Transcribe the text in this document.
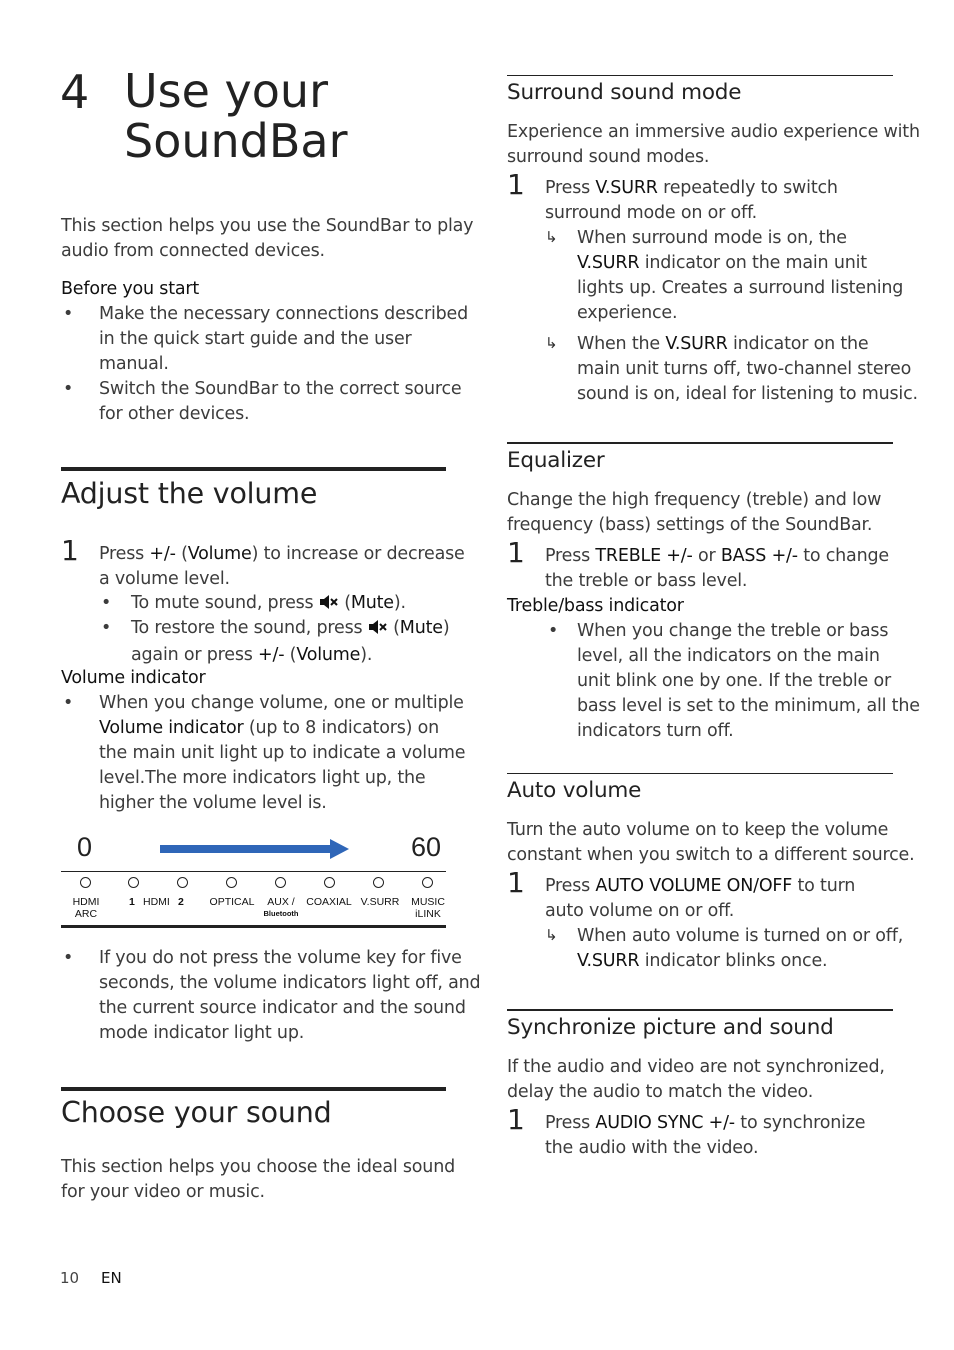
4 Use your
SoundBar
This section helps you use the SoundBar to play
audio from connected devices.
Before you start
• Make the necessary connections described
in the quick start guide and the user
manual.
• Switch the SoundBar to the correct source
for other devices.
Adjust the volume
1 Press +/- (Volume) to increase or decrease
a volume level.
• To mute sound, press  (Mute).
• To restore the sound, press  (Mute)
again or press +/- (Volume).
Volume indicator
• When you change volume, one or multiple
Volume indicator (up to 8 indicators) on
the main unit light up to indicate a volume
level.The more indicators light up, the
higher the volume level is.
0	60
HDMI
ARC
1 HDMI 2	OPTICAL	AUX /
Bluetooth
COAXIAL V.SURR	MUSIC
iLINK
• If you do not press the volume key for five
seconds, the volume indicators light off, and
the current source indicator and the sound
mode indicator light up.
Choose your sound
This section helps you choose the ideal sound
for your video or music.
Surround sound mode
Experience an immersive audio experience with
surround sound modes.
1 Press V.SURR repeatedly to switch
surround mode on or off.
↳ When surround mode is on, the
V.SURR indicator on the main unit
lights up. Creates a surround listening
experience.
↳ When the V.SURR indicator on the
main unit turns off, two-channel stereo
sound is on, ideal for listening to music.
Equalizer
Change the high frequency (treble) and low
frequency (bass) settings of the SoundBar.
1 Press TREBLE +/- or BASS +/- to change
the treble or bass level.
Treble/bass indicator
• When you change the treble or bass
level, all the indicators on the main
unit blink one by one. If the treble or
bass level is set to the minimum, all the
indicators turn off.
Auto volume
Turn the auto volume on to keep the volume
constant when you switch to a different source.
1 Press AUTO VOLUME ON/OFF to turn
auto volume on or off.
↳ When auto volume is turned on or off,
V.SURR indicator blinks once.
Synchronize picture and sound
If the audio and video are not synchronized,
delay the audio to match the video.
1 Press AUDIO SYNC +/- to synchronize
the audio with the video.
10 EN
